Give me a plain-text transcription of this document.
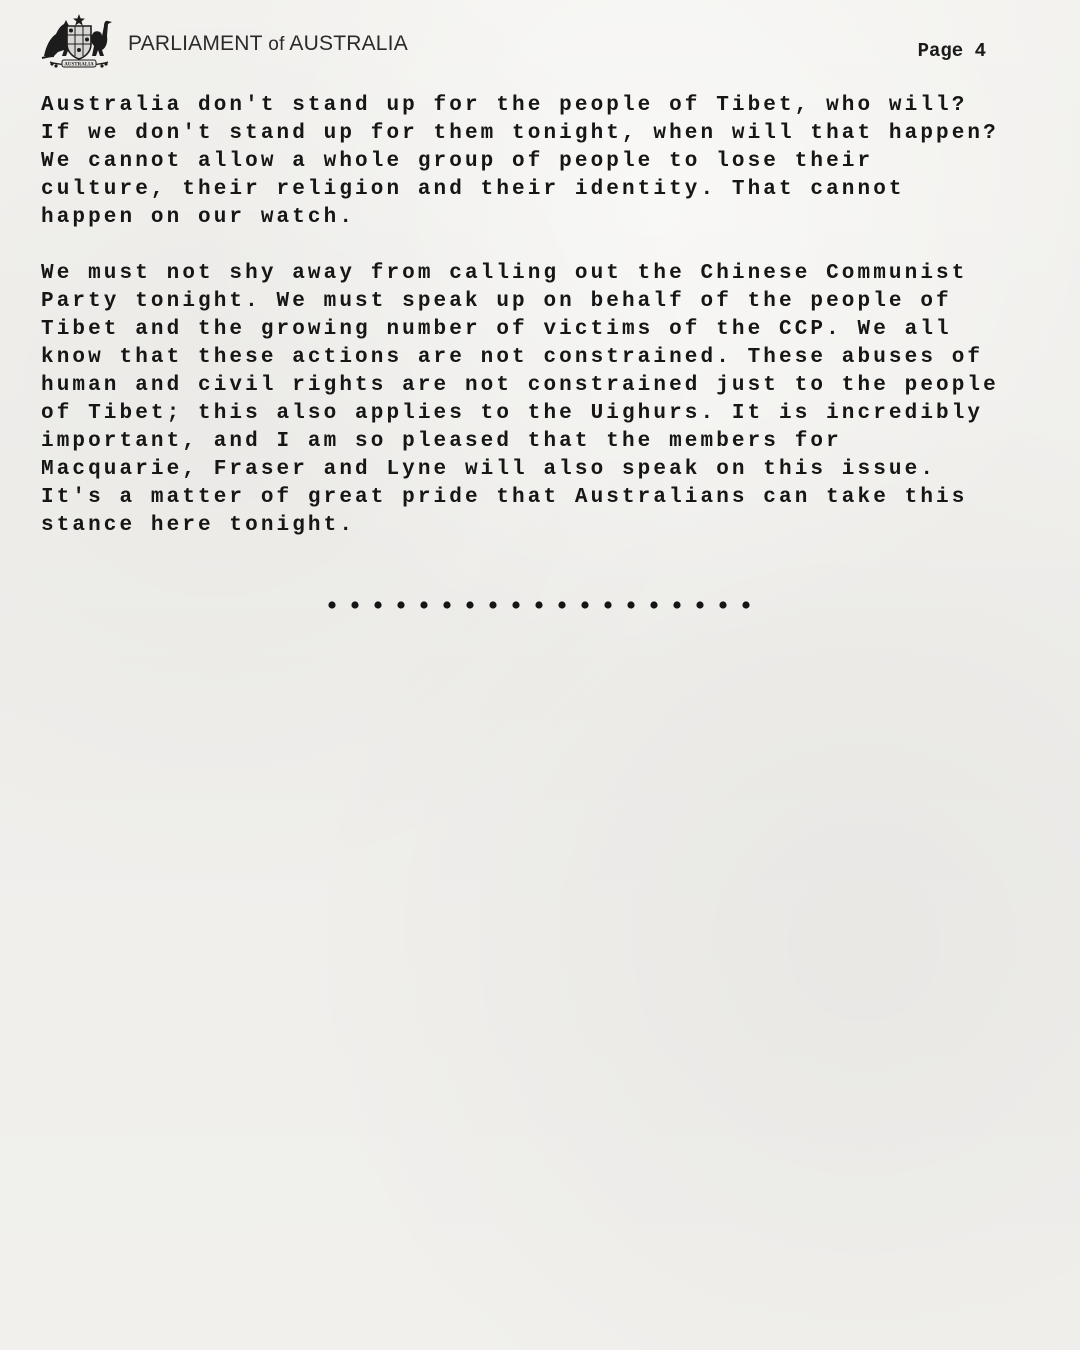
AUSTRALIA
PARLIAMENT of AUSTRALIA	Page 4
Australia don't stand up for the people of Tibet, who will?
If we don't stand up for them tonight, when will that happen?
We cannot allow a whole group of people to lose their
culture, their religion and their identity. That cannot
happen on our watch.
We must not shy away from calling out the Chinese Communist
Party tonight. We must speak up on behalf of the people of
Tibet and the growing number of victims of the CCP. We all
know that these actions are not constrained. These abuses of
human and civil rights are not constrained just to the people
of Tibet; this also applies to the Uighurs. It is incredibly
important, and I am so pleased that the members for
Macquarie, Fraser and Lyne will also speak on this issue.
It's a matter of great pride that Australians can take this
stance here tonight.
